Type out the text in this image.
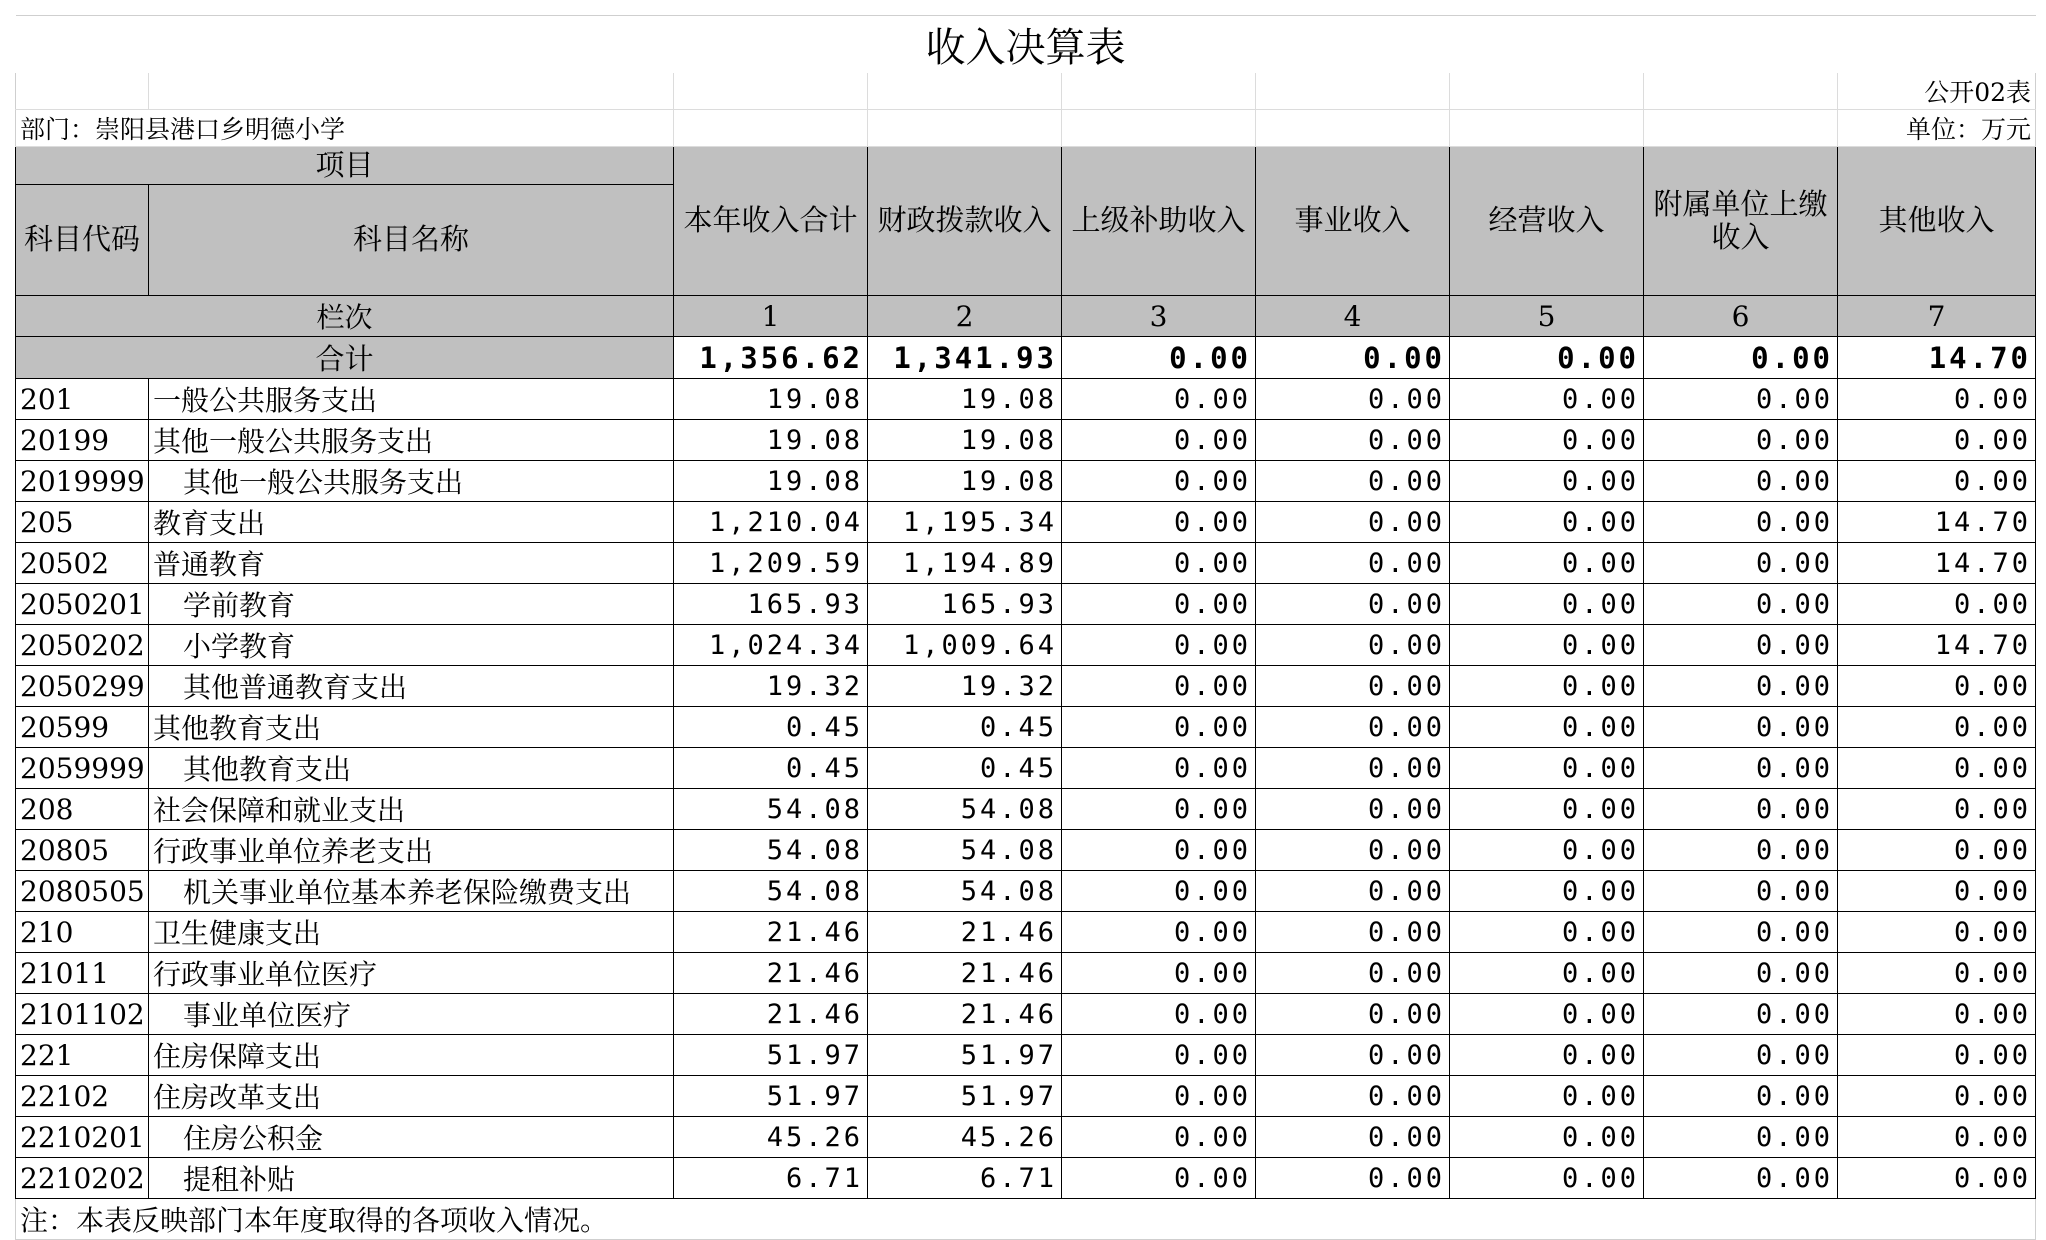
收入决算表								
								公开02表
部门：崇阳县港口乡明德小学								单位：万元
项目		本年收入合计	财政拨款收入	上级补助收入	事业收入	经营收入	附属单位上缴收入	其他收入
科目代码	科目名称							
栏次		1	2	3	4	5	6	7
合计		1,356.62	1,341.93	0.00	0.00	0.00	0.00	14.70
201	一般公共服务支出	19.08	19.08	0.00	0.00	0.00	0.00	0.00
20199	其他一般公共服务支出	19.08	19.08	0.00	0.00	0.00	0.00	0.00
2019999	其他一般公共服务支出	19.08	19.08	0.00	0.00	0.00	0.00	0.00
205	教育支出	1,210.04	1,195.34	0.00	0.00	0.00	0.00	14.70
20502	普通教育	1,209.59	1,194.89	0.00	0.00	0.00	0.00	14.70
2050201	学前教育	165.93	165.93	0.00	0.00	0.00	0.00	0.00
2050202	小学教育	1,024.34	1,009.64	0.00	0.00	0.00	0.00	14.70
2050299	其他普通教育支出	19.32	19.32	0.00	0.00	0.00	0.00	0.00
20599	其他教育支出	0.45	0.45	0.00	0.00	0.00	0.00	0.00
2059999	其他教育支出	0.45	0.45	0.00	0.00	0.00	0.00	0.00
208	社会保障和就业支出	54.08	54.08	0.00	0.00	0.00	0.00	0.00
20805	行政事业单位养老支出	54.08	54.08	0.00	0.00	0.00	0.00	0.00
2080505	机关事业单位基本养老保险缴费支出	54.08	54.08	0.00	0.00	0.00	0.00	0.00
210	卫生健康支出	21.46	21.46	0.00	0.00	0.00	0.00	0.00
21011	行政事业单位医疗	21.46	21.46	0.00	0.00	0.00	0.00	0.00
2101102	事业单位医疗	21.46	21.46	0.00	0.00	0.00	0.00	0.00
221	住房保障支出	51.97	51.97	0.00	0.00	0.00	0.00	0.00
22102	住房改革支出	51.97	51.97	0.00	0.00	0.00	0.00	0.00
2210201	住房公积金	45.26	45.26	0.00	0.00	0.00	0.00	0.00
2210202	提租补贴	6.71	6.71	0.00	0.00	0.00	0.00	0.00
注：本表反映部门本年度取得的各项收入情况。								
